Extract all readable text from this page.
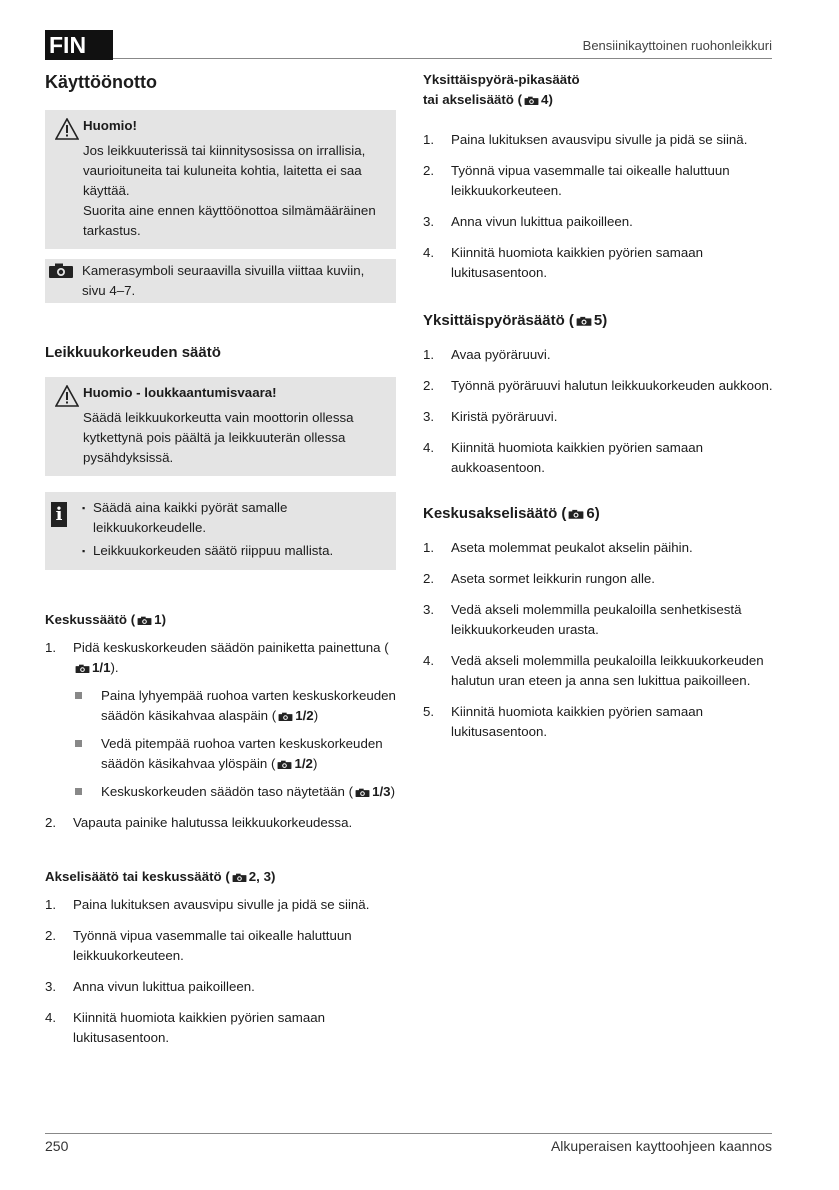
FIN	Bensiinikayttoinen ruohonleikkuri
Käyttöönotto
Huomio!

Jos leikkuuterissä tai kiinnitysosissa on irrallisia, vaurioituneita tai kuluneita kohtia, laitetta ei saa käyttää.

Suorita aine ennen käyttöönottoa silmämääräinen tarkastus.

Kamerasymboli seuraavilla sivuilla viittaa kuviin, sivu 4–7.
Leikkuukorkeuden säätö
Huomio - loukkaantumisvaara!

Säädä leikkuukorkeutta vain moottorin ollessa kytkettynä pois päältä ja leikkuuterän ollessa pysähdyksissä.

i
▪	Säädä aina kaikki pyörät samalle leikkuukorkeudelle.
▪ Leikkuukorkeuden säätö riippuu mallista.
Keskussäätö ( 1)
1. Pidä keskuskorkeuden säädön painiketta painettuna (1/1).
Paina lyhyempää ruohoa varten keskuskorkeuden säädön käsikahvaa alaspäin ( 1/2)
Vedä pitempää ruohoa varten keskuskorkeuden säädön käsikahvaa ylöspäin ( 1/2)
Keskuskorkeuden säädön taso näytetään ( 1/3)
2. Vapauta painike halutussa leikkuukorkeudessa.
Akselisäätö tai keskussäätö ( 2, 3)
1. Paina lukituksen avausvipu sivulle ja pidä se siinä.
2. Työnnä vipua vasemmalle tai oikealle haluttuun leikkuukorkeuteen.
3. Anna vivun lukittua paikoilleen.
4. Kiinnitä huomiota kaikkien pyörien samaan lukitusasentoon.
Yksittäispyörä-pikasäätö
tai akselisäätö ( 4)
1. Paina lukituksen avausvipu sivulle ja pidä se siinä.
2. Työnnä vipua vasemmalle tai oikealle haluttuun leikkuukorkeuteen.
3. Anna vivun lukittua paikoilleen.
4. Kiinnitä huomiota kaikkien pyörien samaan lukitusasentoon.
Yksittäispyöräsäätö ( 5)
1. Avaa pyöräruuvi.
2. Työnnä pyöräruuvi halutun leikkuukorkeuden aukkoon.
3. Kiristä pyöräruuvi.
4. Kiinnitä huomiota kaikkien pyörien samaan aukkoasentoon.
Keskusakselisäätö ( 6)
1. Aseta molemmat peukalot akselin päihin.
2. Aseta sormet leikkurin rungon alle.
3. Vedä akseli molemmilla peukaloilla senhetkisestä leikkuukorkeuden urasta.
4. Vedä akseli molemmilla peukaloilla leikkuukorkeuden halutun uran eteen ja anna sen lukittua paikoilleen.
5. Kiinnitä huomiota kaikkien pyörien samaan lukitusasentoon.
250	Alkuperaisen kayttoohjeen kaannos
